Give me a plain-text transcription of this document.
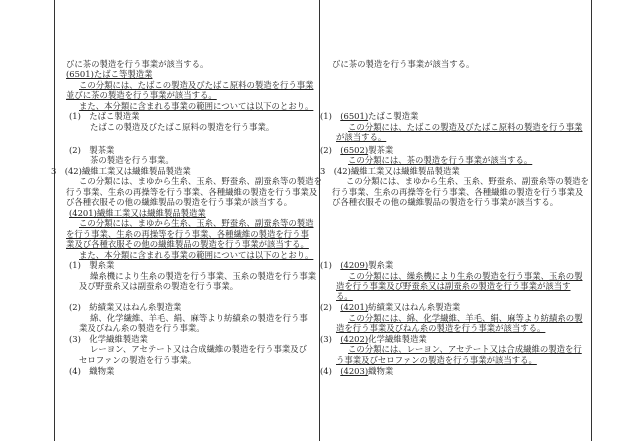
びに茶の製造を行う事業が該当する。
(6501)たばこ等製造業
この分類には、たばこの製造及びたばこ原料の製造を行う事業
並びに茶の製造を行う事業が該当する。
また、本分類に含まれる事業の範囲については以下のとおり。
(1)　たばこ製造業
たばこの製造及びたばこ原料の製造を行う事業。
(2)　製茶業
茶の製造を行う事業。
3　(42)繊維工業又は繊維製品製造業
この分類には、まゆから生糸、玉糸、野蚕糸、副蚕糸等の製造を
行う事業、生糸の再操等を行う事業、各種繊維の製造を行う事業及
び各種衣服その他の繊維製品の製造を行う事業が該当する。
(4201)繊維工業又は繊維製品製造業
この分類には、まゆから生糸、玉糸、野蚕糸、副蚕糸等の製造
を行う事業、生糸の再操等を行う事業、各種繊維の製造を行う事
業及び各種衣服その他の繊維製品の製造を行う事業が該当する。
また、本分類に含まれる事業の範囲については以下のとおり。
(1)　製糸業
繰糸機により生糸の製造を行う事業、玉糸の製造を行う事業
及び野蚕糸又は副蚕糸の製造を行う事業。
(2)　紡績業又はねん糸製造業
綿、化学繊維、羊毛、絹、麻等より紡績糸の製造を行う事
業及びねん糸の製造を行う事業。
(3)　化学繊維製造業
レーヨン、アセテート又は合成繊維の製造を行う事業及び
セロファンの製造を行う事業。
(4)　織物業
びに茶の製造を行う事業が該当する。
(1)　(6501)たばこ製造業
この分類には、たばこの製造及びたばこ原料の製造を行う事業
が該当する。
(2)　(6502)製茶業
この分類には、茶の製造を行う事業が該当する。
3　(42)繊維工業又は繊維製品製造業
この分類には、まゆから生糸、玉糸、野蚕糸、副蚕糸等の製造を
行う事業、生糸の再操等を行う事業、各種繊維の製造を行う事業及
び各種衣服その他の繊維製品の製造を行う事業が該当する。
(1)　(4209)製糸業
この分類には、繰糸機により生糸の製造を行う事業、玉糸の製
造を行う事業及び野蚕糸又は副蚕糸の製造を行う事業が該当す
る。
(2)　(4201)紡績業又はねん糸製造業
この分類には、綿、化学繊維、羊毛、絹、麻等より紡績糸の製
造を行う事業及びねん糸の製造を行う事業が該当する。
(3)　(4202)化学繊維製造業
この分類には、レーヨン、アセテート又は合成繊維の製造を行
う事業及びセロファンの製造を行う事業が該当する。
(4)　(4203)織物業
